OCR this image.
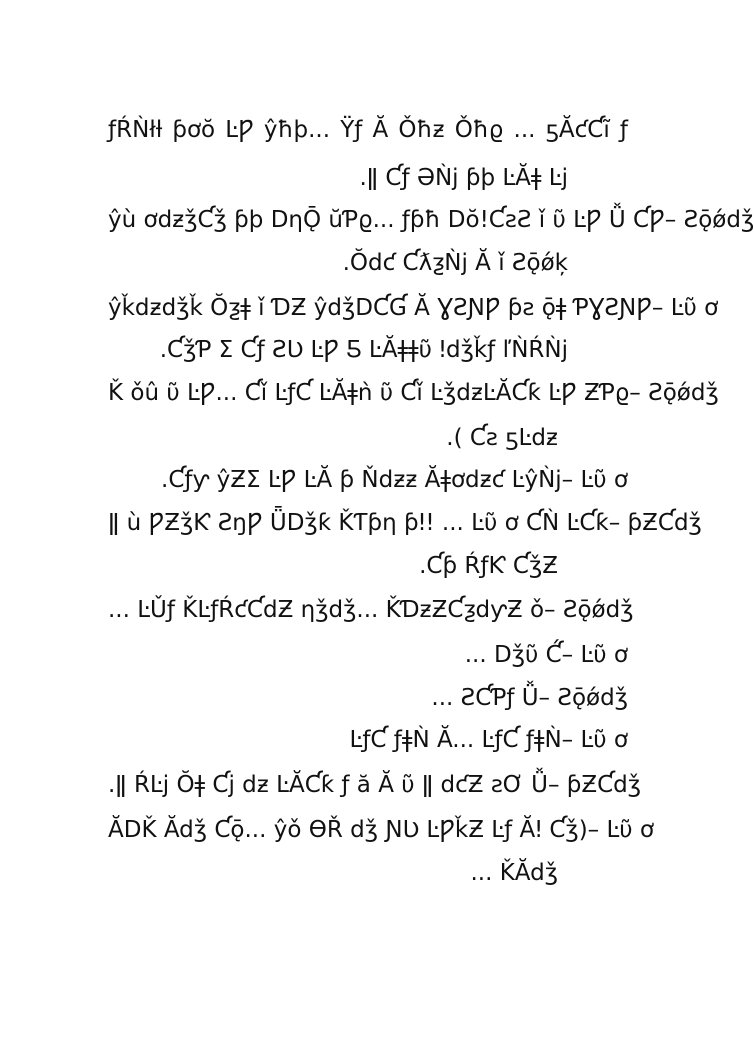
ƒŔǸłƚ ƥơŏ ĿǷ ŷħϸ... Ÿƒ Ă Ǒħƶ Ǒħϱ ... ƽĂƈƇĩ ƒ
.ǁ Ƈƒ ƏǸϳ ƥϸ ĿĂǂ Ŀϳ
ŷù ơdƶǯƇǯ ƥϸ DƞǬ ŭƤϱ... ƒƥħ Dŏ!ƇƨƧ ǐ ῦ ĿǷ Ǚ ƇǷ– Ƨǭǿdǯ
.Ŏdƈ ƇƛƺǸϳ Ă ǐ Ƨǭǿķ
ŷǩdƶdǯǩ Ŏƺǂ ǐ ƊƵ ŷdǯDƇƓ Ă ƔƧƝǷ ƥƨ ǭǂ ƤƔƧƝǷ– Ŀῦ ơ
.ƇǯƤ Ʃ Ƈƒ ƧƲ ĿǷ Ƽ ĿĂǂǂῦ ǃdǯǩƒ ľǸŔǸϳ
Ǩ ǒû ῦ ĿǷ... Ƈǐ ĿƒƇ ĿĂǂǹ ῦ Ƈǐ ĿǯdƶĿĂƇƙ ĿǷ ƵƤϱ– Ƨǭǿdǯ
.( Ƈƨ ƽĿdƶ
.Ƈƒƴ ŷƵƩ ĿǷ ĿĂ ƥ Ňdƶƶ Ăǂơdƶƈ ĿŷǸϳ– Ŀῦ ơ
ǁ ù ǷƵǯƘ ƧŋǷ ǕDǯƙ ǨƬƥƞ ƥǃ! ... Ŀῦ ơ ƇǸ ĿƇƙ– ƥƵƇdǯ
.Ƈƥ ŔƒƘ ƇǯƵ
... ĿǓƒ ǨĿƒŔƈƇdƵ ƞǯdǯ... ǨƊƶƵƇƺdƴƵ ǒ– Ƨǭǿdǯ
... Dǯῦ Ƈ́– Ŀῦ ơ
... ƧƇƤƒ Ǚ– Ƨǭǿdǯ
ĿƒƇ ƒǂǸ Ă... ĿƒƇ ƒǂǸ– Ŀῦ ơ
.ǁ ŔĿϳ Ŏǂ Ƈϳ dƶ ĿĂƇƙ ƒ ă Ă ῦ ǁ dƈƵ ƨƠ Ǚ– ƥƵƇdǯ
ĂDǨ Ădǯ Ƈǭ... ŷǒ ƟŘ dǯ ƝƲ ĿǷǩƵ Ŀƒ Ăǃ Ƈǯ)– Ŀῦ ơ
... ǨĂdǯ
